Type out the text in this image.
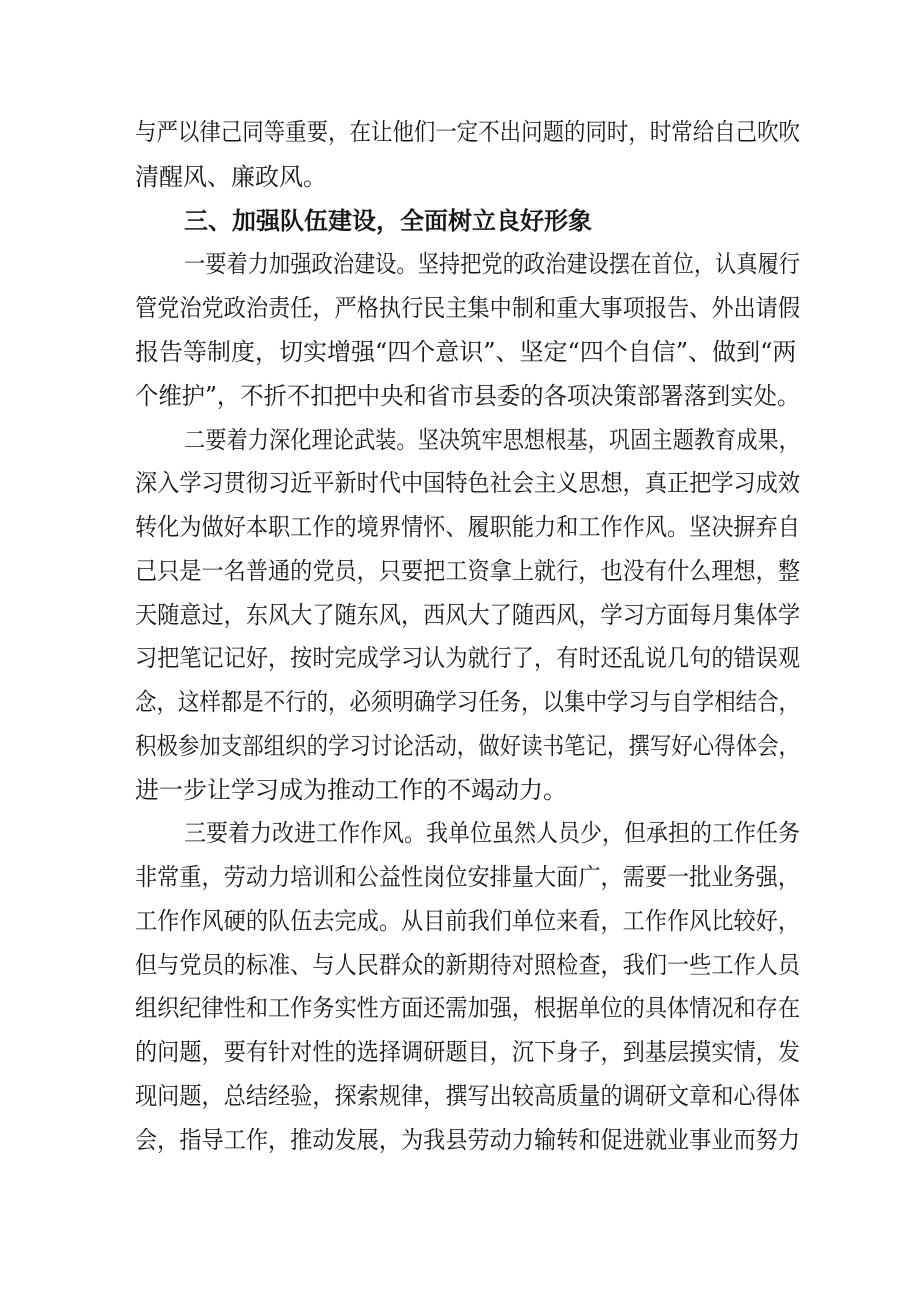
与严以律己同等重要，在让他们一定不出问题的同时，时常给自己吹吹

清醒风、廉政风。

三、加强队伍建设，全面树立良好形象

一要着力加强政治建设。坚持把党的政治建设摆在首位，认真履行

管党治党政治责任，严格执行民主集中制和重大事项报告、外出请假

报告等制度，切实增强“四个意识”、坚定“四个自信”、做到“两

个维护”，不折不扣把中央和省市县委的各项决策部署落到实处。

二要着力深化理论武装。坚决筑牢思想根基，巩固主题教育成果，

深入学习贯彻习近平新时代中国特色社会主义思想，真正把学习成效

转化为做好本职工作的境界情怀、履职能力和工作作风。坚决摒弃自

己只是一名普通的党员，只要把工资拿上就行，也没有什么理想，整

天随意过，东风大了随东风，西风大了随西风，学习方面每月集体学

习把笔记记好，按时完成学习认为就行了，有时还乱说几句的错误观

念，这样都是不行的，必须明确学习任务，以集中学习与自学相结合，

积极参加支部组织的学习讨论活动，做好读书笔记，撰写好心得体会，

进一步让学习成为推动工作的不竭动力。

三要着力改进工作作风。我单位虽然人员少，但承担的工作任务

非常重，劳动力培训和公益性岗位安排量大面广，需要一批业务强，

工作作风硬的队伍去完成。从目前我们单位来看，工作作风比较好，

但与党员的标准、与人民群众的新期待对照检查，我们一些工作人员

组织纪律性和工作务实性方面还需加强，根据单位的具体情况和存在

的问题，要有针对性的选择调研题目，沉下身子，到基层摸实情，发

现问题，总结经验，探索规律，撰写出较高质量的调研文章和心得体

会，指导工作，推动发展，为我县劳动力输转和促进就业事业而努力
